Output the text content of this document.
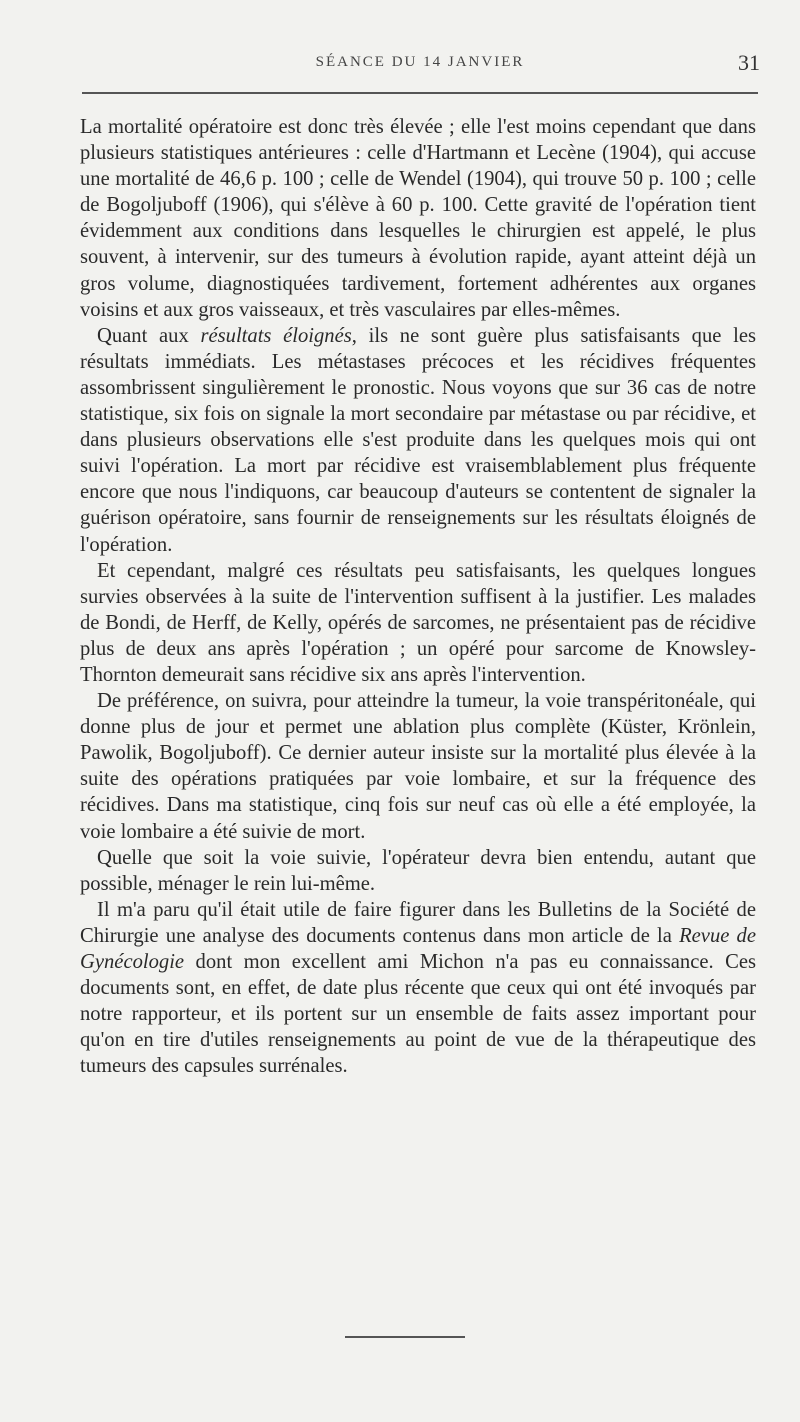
SÉANCE DU 14 JANVIER	31

La mortalité opératoire est donc très élevée ; elle l'est moins cependant que dans plusieurs statistiques antérieures : celle d'Hartmann et Lecène (1904), qui accuse une mortalité de 46,6 p. 100 ; celle de Wendel (1904), qui trouve 50 p. 100 ; celle de Bogoljuboff (1906), qui s'élève à 60 p. 100. Cette gravité de l'opération tient évidemment aux conditions dans lesquelles le chirurgien est appelé, le plus souvent, à intervenir, sur des tumeurs à évolution rapide, ayant atteint déjà un gros volume, diagnostiquées tardivement, fortement adhérentes aux organes voisins et aux gros vaisseaux, et très vasculaires par elles-mêmes.

Quant aux résultats éloignés, ils ne sont guère plus satisfaisants que les résultats immédiats. Les métastases précoces et les récidives fréquentes assombrissent singulièrement le pronostic. Nous voyons que sur 36 cas de notre statistique, six fois on signale la mort secondaire par métastase ou par récidive, et dans plusieurs observations elle s'est produite dans les quelques mois qui ont suivi l'opération. La mort par récidive est vraisemblablement plus fréquente encore que nous l'indiquons, car beaucoup d'auteurs se contentent de signaler la guérison opératoire, sans fournir de renseignements sur les résultats éloignés de l'opération.

Et cependant, malgré ces résultats peu satisfaisants, les quelques longues survies observées à la suite de l'intervention suffisent à la justifier. Les malades de Bondi, de Herff, de Kelly, opérés de sarcomes, ne présentaient pas de récidive plus de deux ans après l'opération ; un opéré pour sarcome de Knowsley-Thornton demeurait sans récidive six ans après l'intervention.

De préférence, on suivra, pour atteindre la tumeur, la voie transpéritonéale, qui donne plus de jour et permet une ablation plus complète (Küster, Krönlein, Pawolik, Bogoljuboff). Ce dernier auteur insiste sur la mortalité plus élevée à la suite des opérations pratiquées par voie lombaire, et sur la fréquence des récidives. Dans ma statistique, cinq fois sur neuf cas où elle a été employée, la voie lombaire a été suivie de mort.

Quelle que soit la voie suivie, l'opérateur devra bien entendu, autant que possible, ménager le rein lui-même.

Il m'a paru qu'il était utile de faire figurer dans les Bulletins de la Société de Chirurgie une analyse des documents contenus dans mon article de la Revue de Gynécologie dont mon excellent ami Michon n'a pas eu connaissance. Ces documents sont, en effet, de date plus récente que ceux qui ont été invoqués par notre rapporteur, et ils portent sur un ensemble de faits assez important pour qu'on en tire d'utiles renseignements au point de vue de la thérapeutique des tumeurs des capsules surrénales.
